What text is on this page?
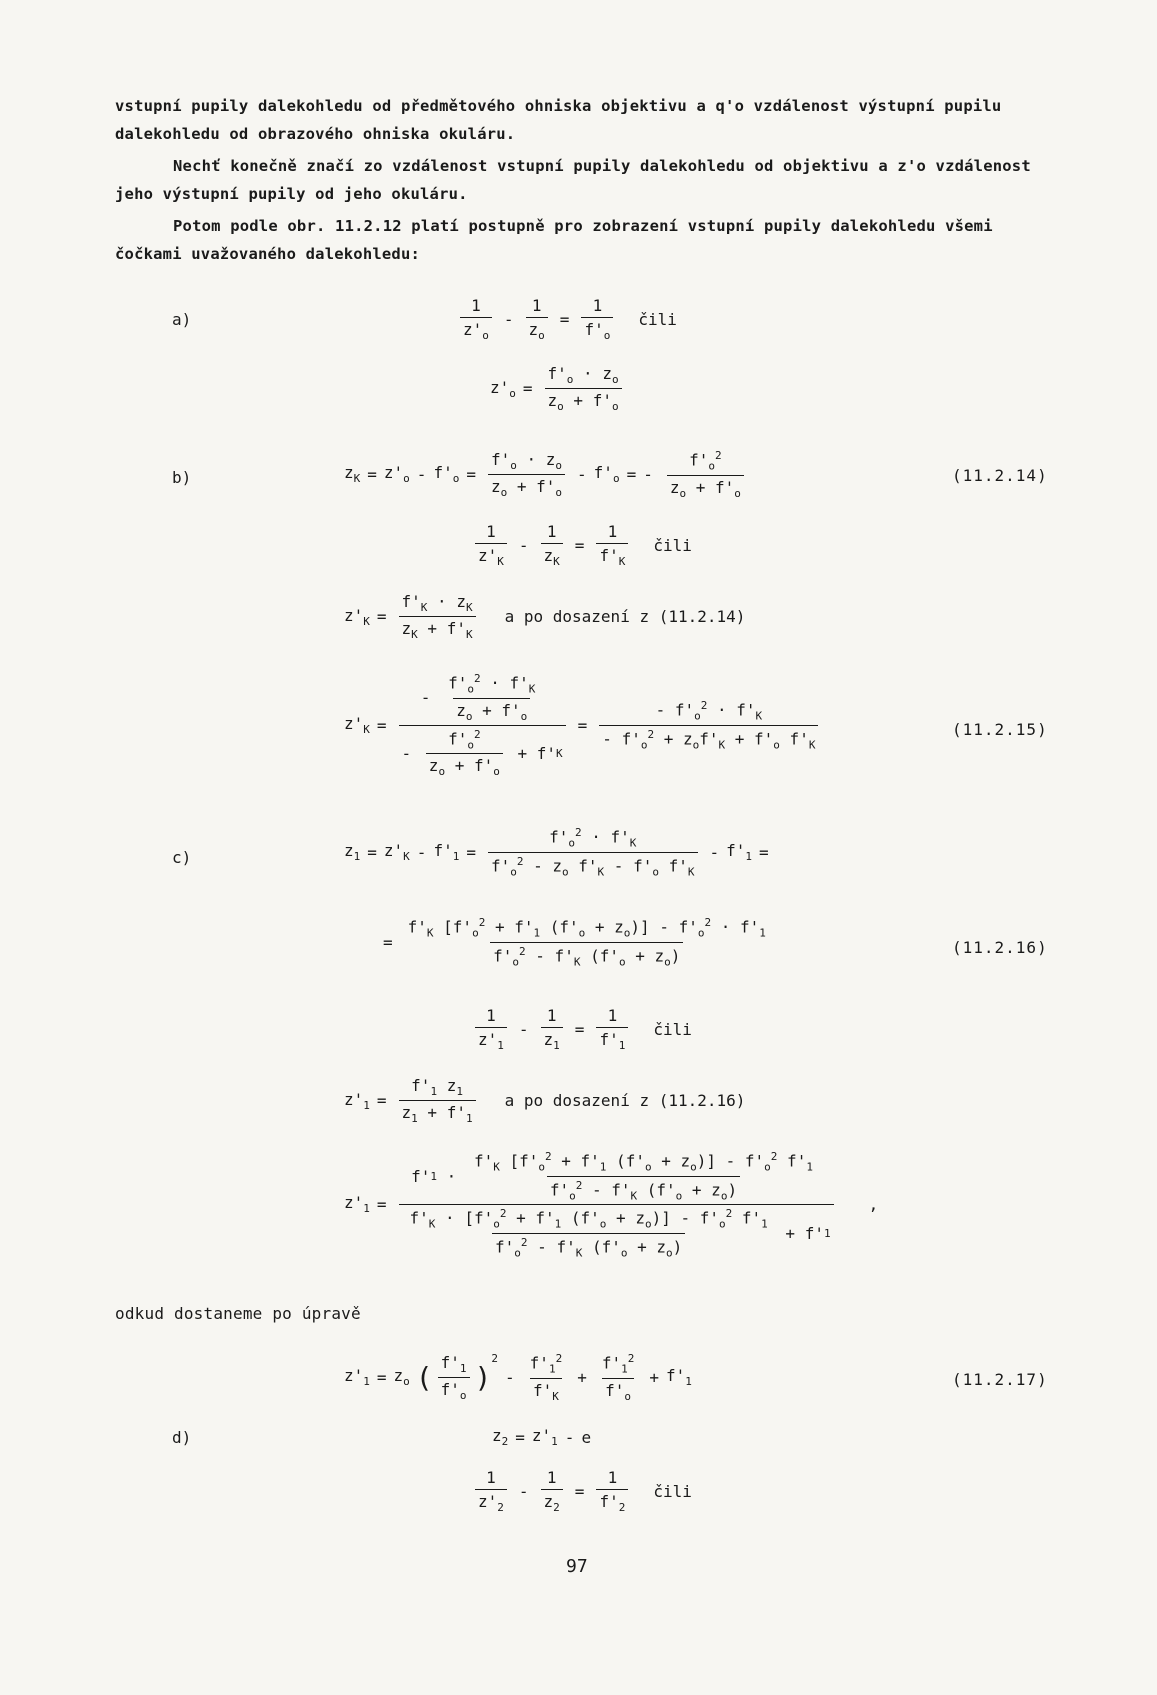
vstupní pupily dalekohledu od předmětového ohniska objektivu a q'o vzdálenost výstupní pupilu dalekohledu od obrazového ohniska okuláru.
Nechť konečně značí zo vzdálenost vstupní pupily dalekohledu od objektivu a z'o vzdálenost jeho výstupní pupily od jeho okuláru.
Potom podle obr. 11.2.12 platí postupně pro zobrazení vstupní pupily dalekohledu všemi čočkami uvažovaného dalekohledu:
a)	$\frac{1}{z'_o} - \frac{1}{z_o} = \frac{1}{f'_o}$ čili
$z'_o = \frac{f'_o \cdot z_o}{z_o + f'_o}$
b)	$z_K = z'_o - f'_o = \frac{f'_o \cdot z_o}{z_o + f'_o} - f'_o$ = - $\frac{f'_o^2}{z_o + f'_o}$	(11.2.14)
$\frac{1}{z'_K} - \frac{1}{z_K} = \frac{1}{f'_K}$ čili
$z'_K = \frac{f'_K \cdot z_K}{z_K + f'_K}$ a po dosazení z (11.2.14)
$z'_K = \frac{- \frac{f'_o^2 \cdot f'_K}{z_o + f'_o}}{- \frac{f'_o^2}{z_o + f'_o} + f' K} = \frac{- f'_o^2 \cdot f'_K}{- f'_o^2 + z_of'_K + f'_o f'_K}$	(11.2.15)
c)	$z_1 = z'_K - f'_1 = \frac{f'_o^2 \cdot f'_K}{f'_o^2 - z_o f'_K - f'_o f'_K} - f'_1$ =
= $\frac{f'_K [f'_o^2 + f'_1 (f'_o + z_o)] - f'_o^2 \cdot f'_1}{f'_o^2 - f'_K (f'_o + z_o)}$	(11.2.16)
$\frac{1}{z'_1} - \frac{1}{z_1} = \frac{1}{f'_1}$ čili
$z'_1 = \frac{f'_1 z_1}{z_1 + f'_1}$ a po dosazení z (11.2.16)
$z'_1$ =
f' $1 \cdot \frac{f'_K [f'_o^2 + f'_1 (f'_o + z_o)] - f'_o^2 f'_1}{f'_o^2 - f'_K (f'_o + z_o)}$
$\frac{f'_K \cdot [f'_o^2 + f'_1 (f'_o + z_o)] - f'_o^2 f'_1}{f'_o^2 - f'_K (f'_o + z_o)} + f'$ 1
,
odkud dostaneme po úpravě
$z'_1 = z_o$ ( $\frac{f'_1}{f'_o}$ )
$^2$
- $\frac{f'_1^2}{f'_K} + \frac{f'_1^2}{f'_o} + f'_1$	(11.2.17)
d)	$z_2 = z'_1 - e$
$\frac{1}{z'_2} - \frac{1}{z_2} = \frac{1}{f'_2}$ čili
97
